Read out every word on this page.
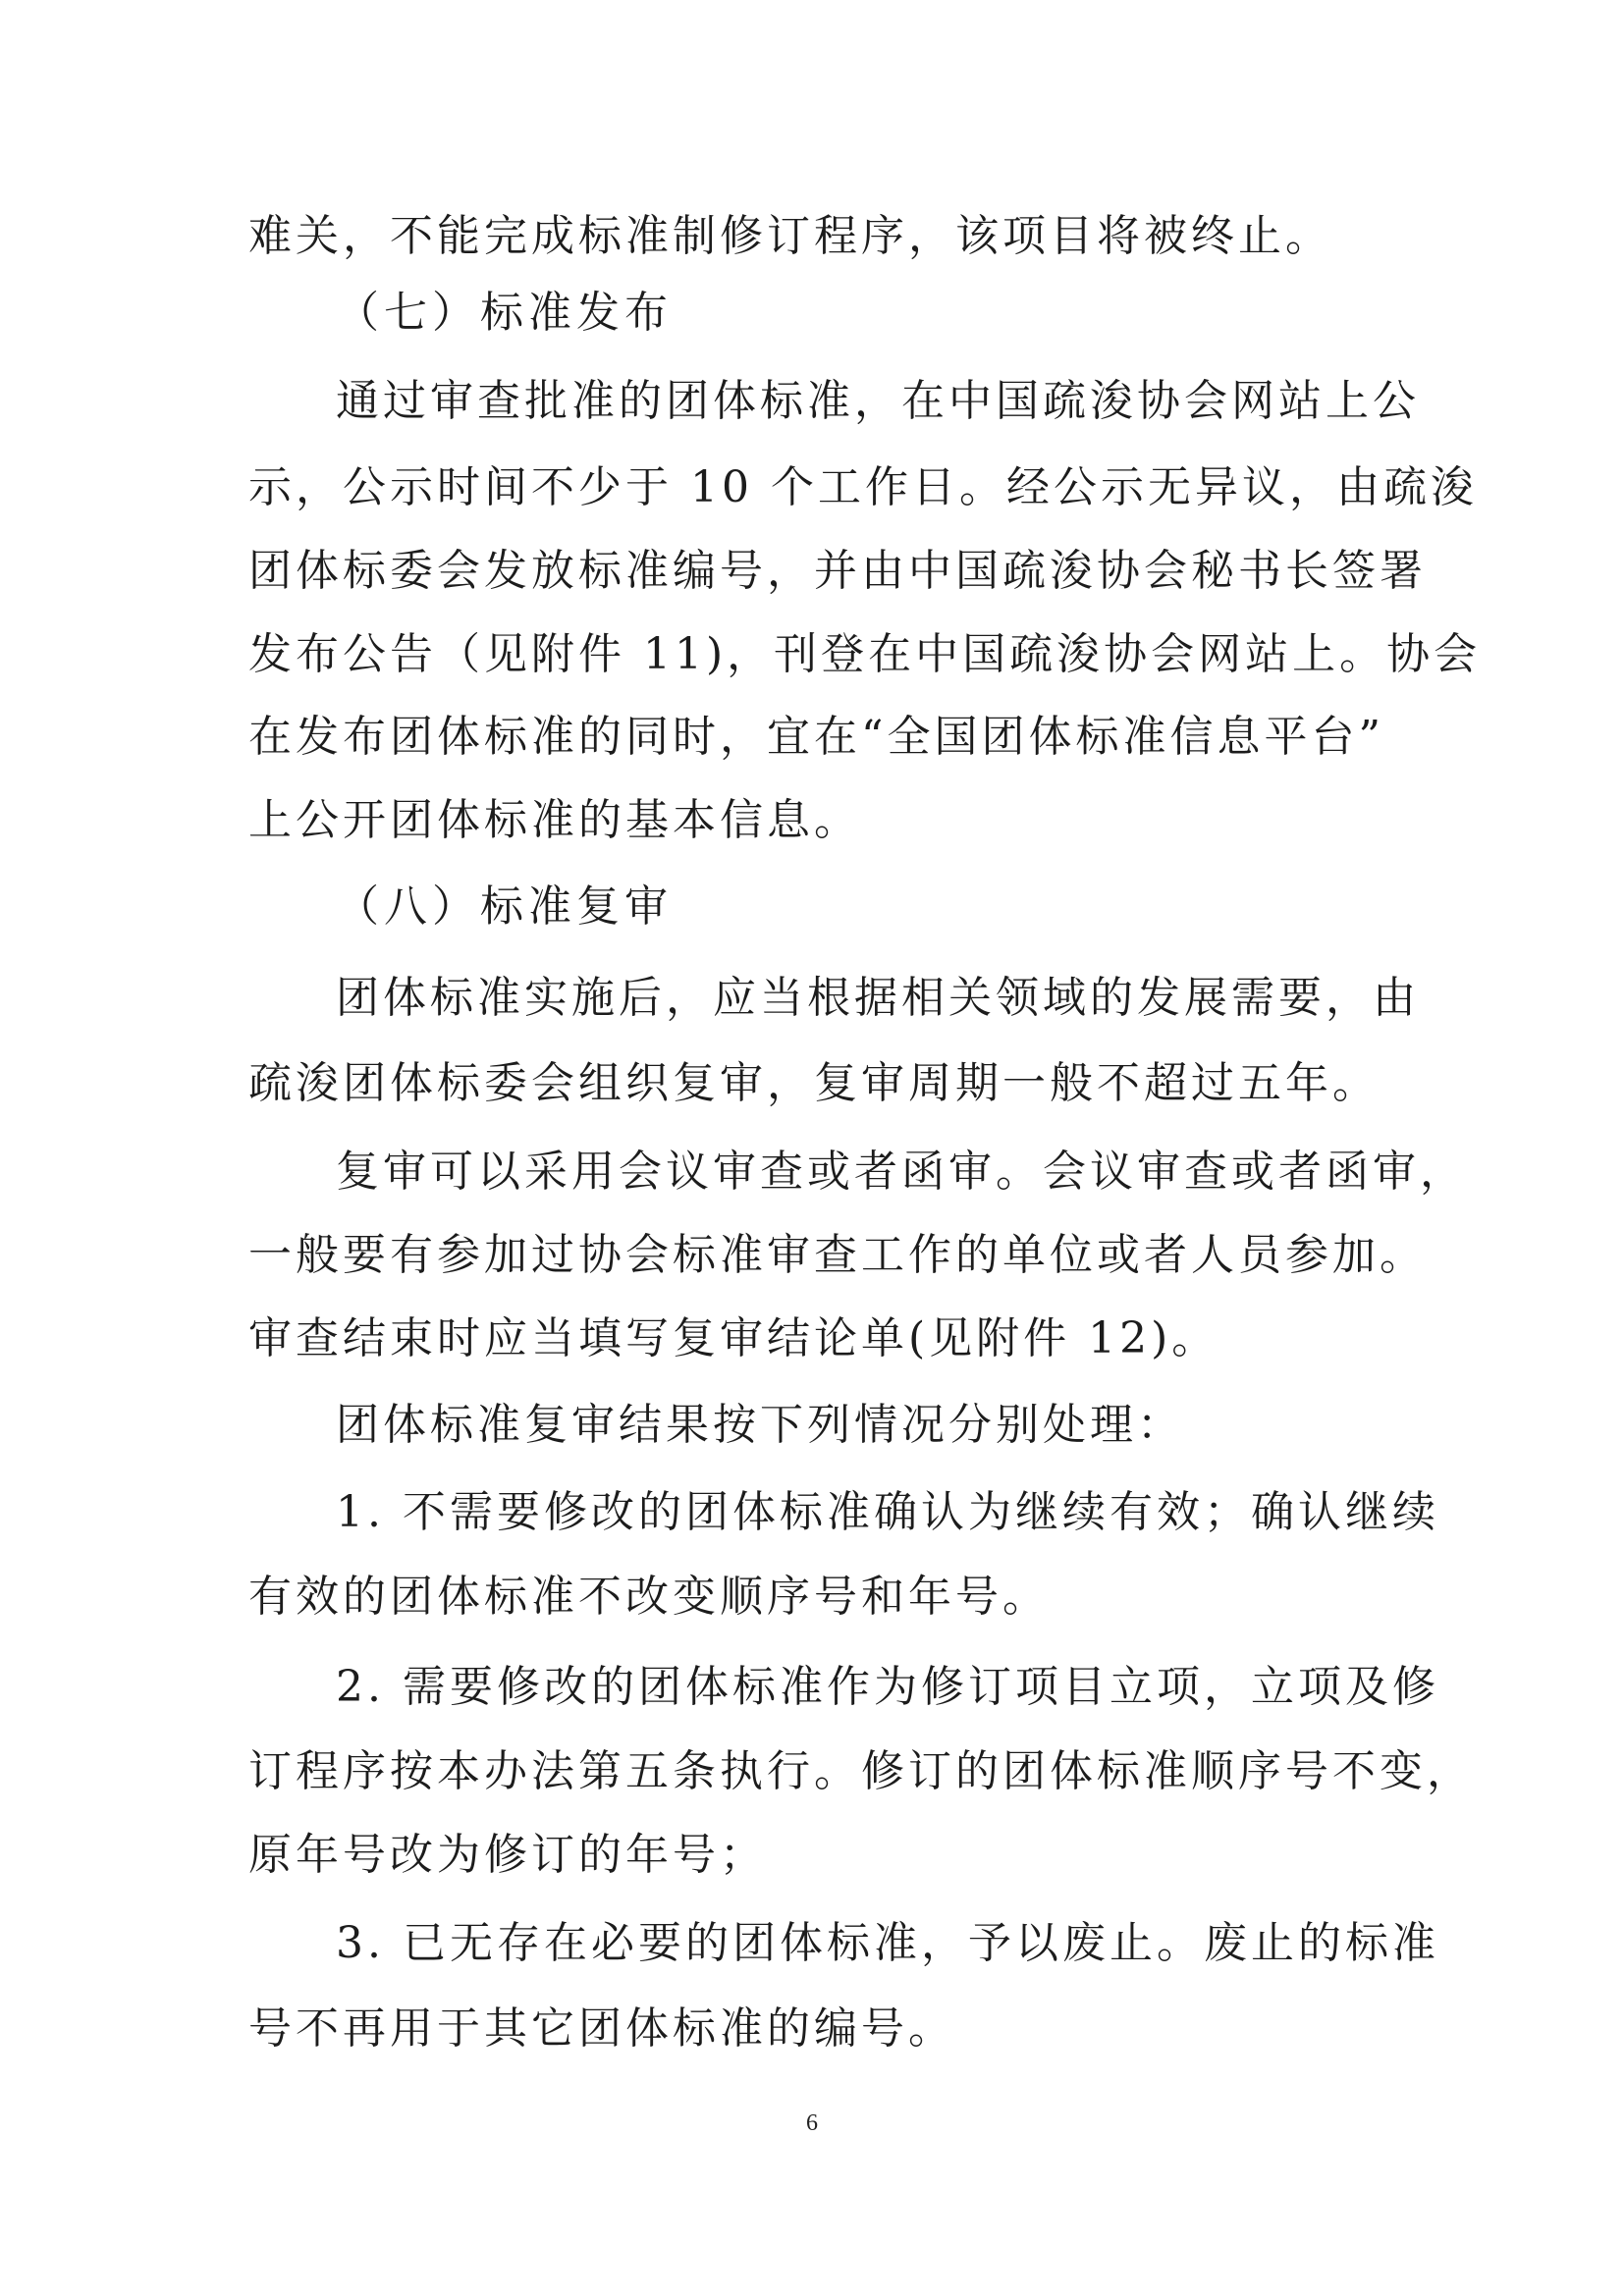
难关，不能完成标准制修订程序，该项目将被终止。
（七）标准发布
通过审查批准的团体标准，在中国疏浚协会网站上公
示，公示时间不少于 10 个工作日。经公示无异议，由疏浚
团体标委会发放标准编号，并由中国疏浚协会秘书长签署
发布公告（见附件 11)，刊登在中国疏浚协会网站上。协会
在发布团体标准的同时，宜在“全国团体标准信息平台”
上公开团体标准的基本信息。
（八）标准复审
团体标准实施后，应当根据相关领域的发展需要，由
疏浚团体标委会组织复审，复审周期一般不超过五年。
复审可以采用会议审查或者函审。会议审查或者函审，
一般要有参加过协会标准审查工作的单位或者人员参加。
审查结束时应当填写复审结论单(见附件 12)。
团体标准复审结果按下列情况分别处理：
1. 不需要修改的团体标准确认为继续有效；确认继续
有效的团体标准不改变顺序号和年号。
2. 需要修改的团体标准作为修订项目立项，立项及修
订程序按本办法第五条执行。修订的团体标准顺序号不变，
原年号改为修订的年号；
3. 已无存在必要的团体标准，予以废止。废止的标准
号不再用于其它团体标准的编号。
6
